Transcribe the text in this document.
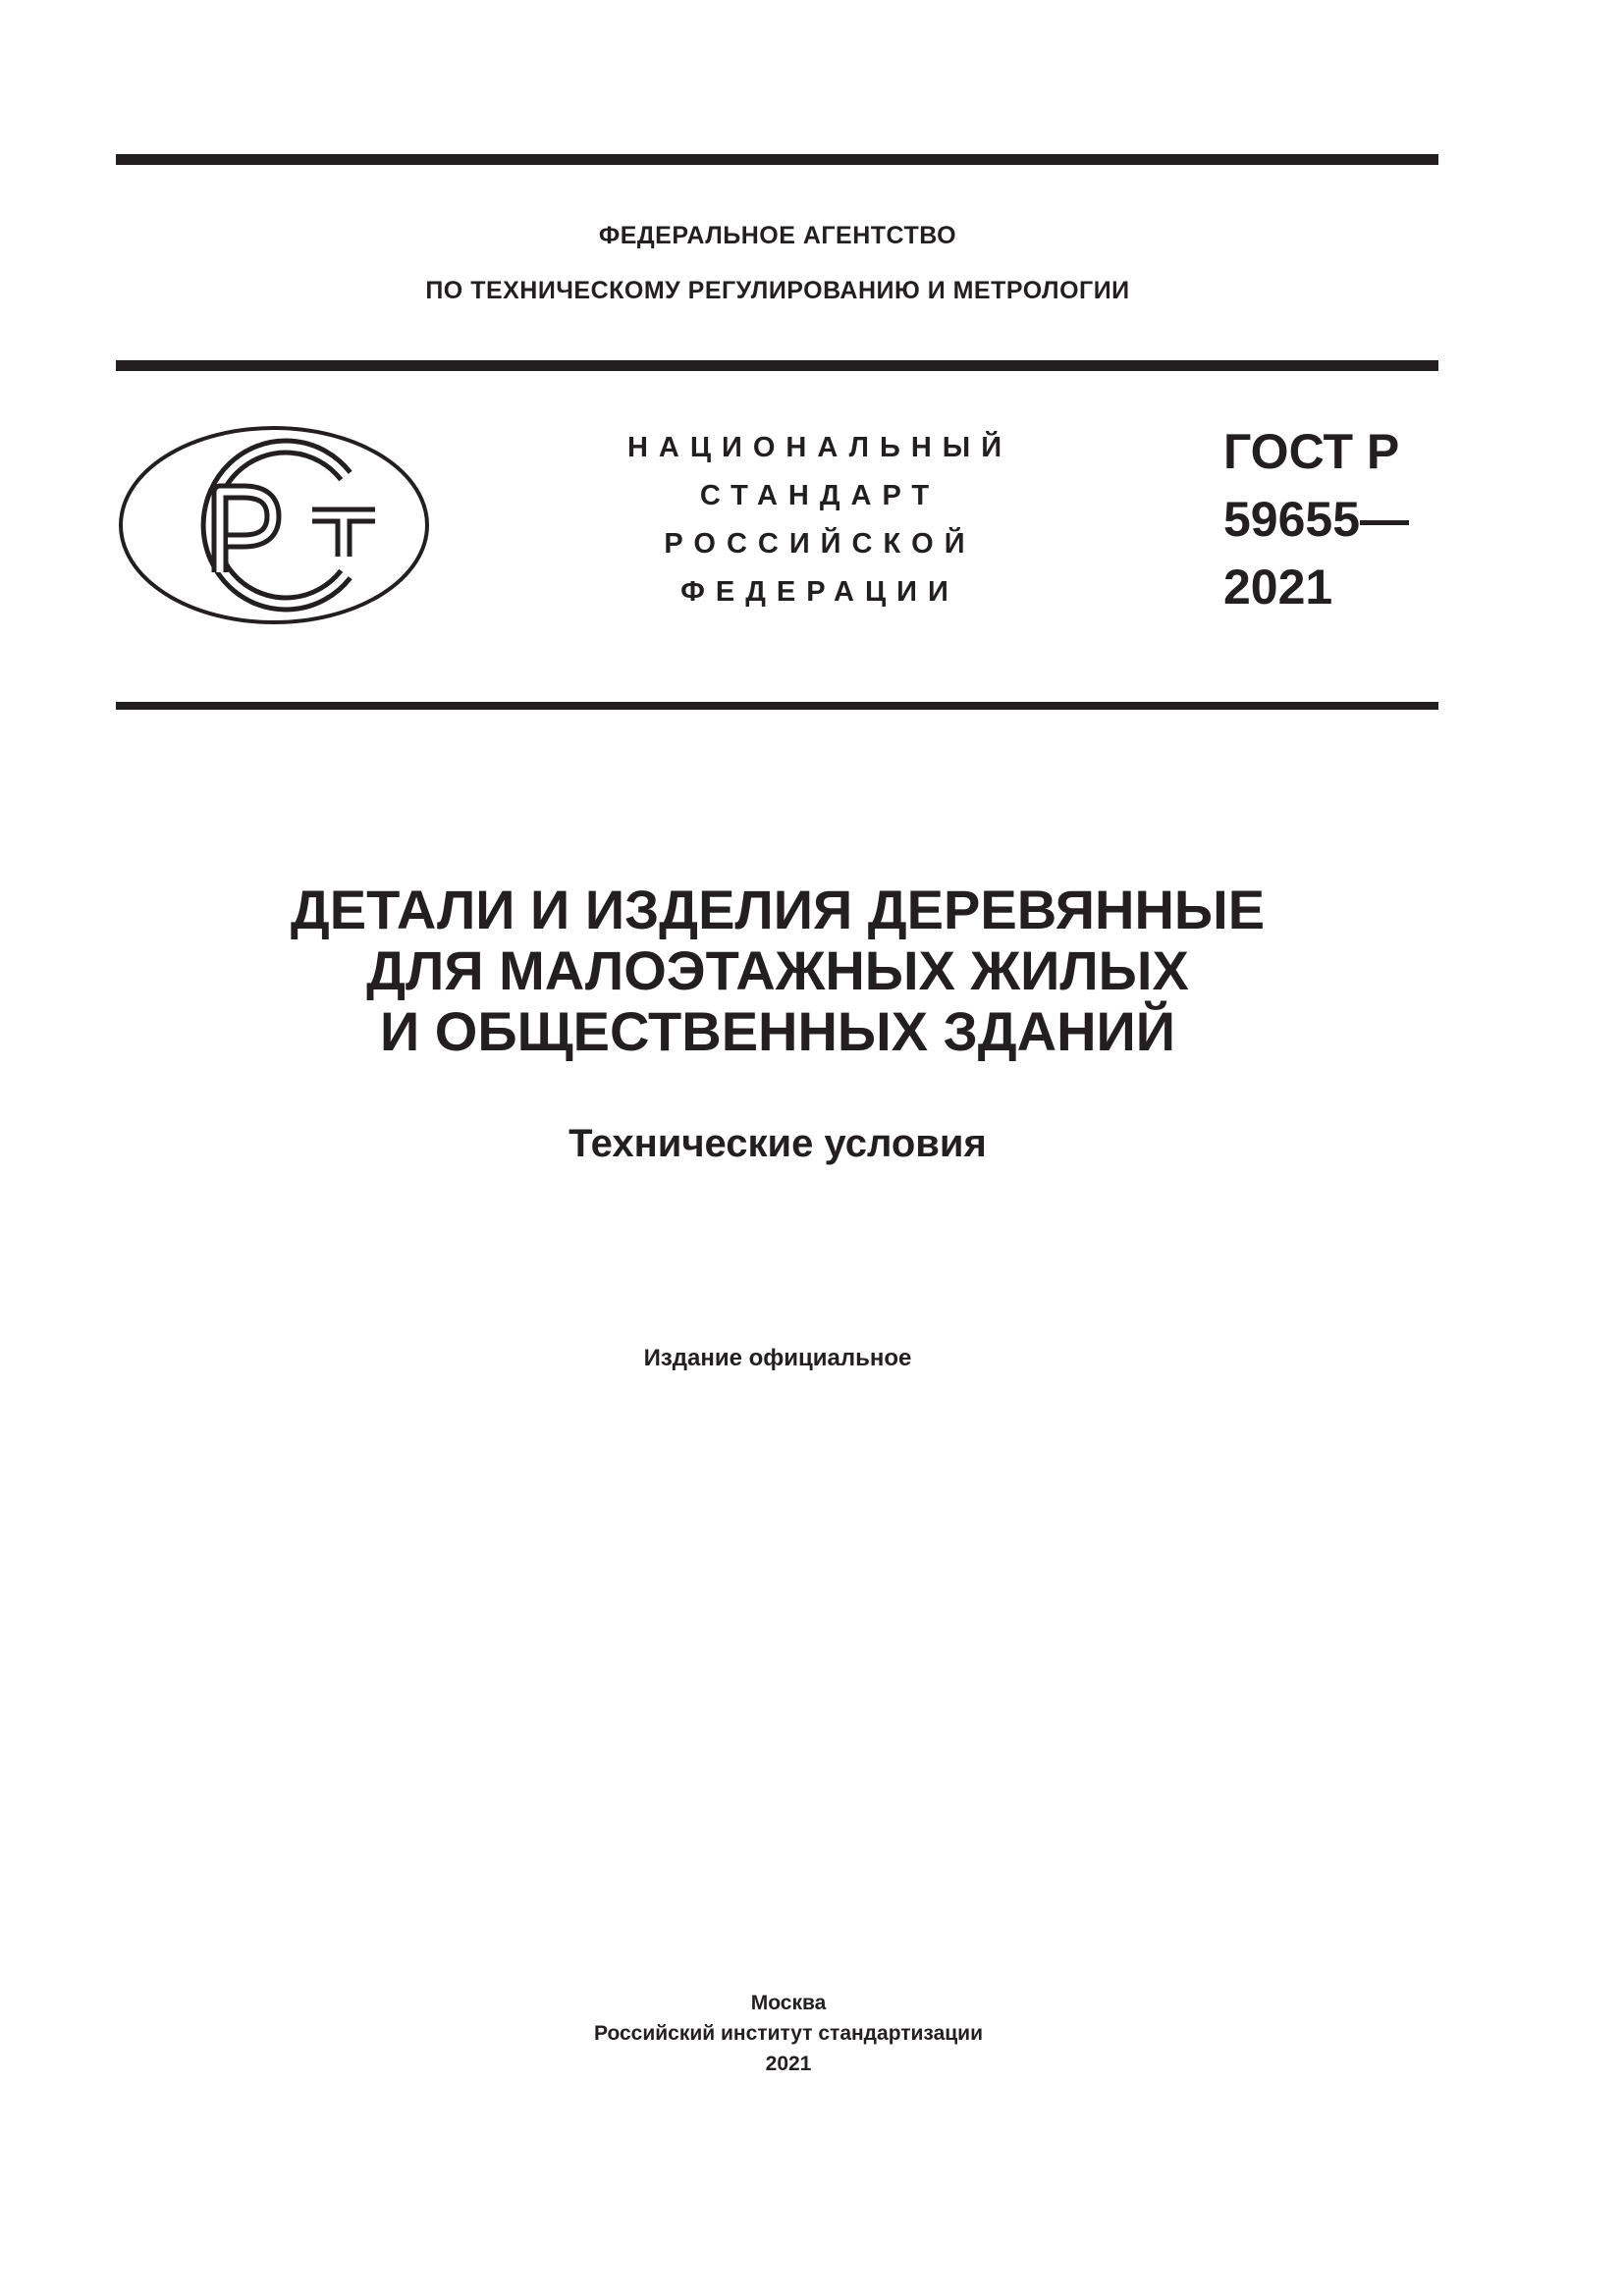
ФЕДЕРАЛЬНОЕ АГЕНТСТВО
ПО ТЕХНИЧЕСКОМУ РЕГУЛИРОВАНИЮ И МЕТРОЛОГИИ
НАЦИОНАЛЬНЫЙ
СТАНДАРТ
РОССИЙСКОЙ
ФЕДЕРАЦИИ
ГОСТ Р
59655—
2021
ДЕТАЛИ И ИЗДЕЛИЯ ДЕРЕВЯННЫЕ
ДЛЯ МАЛОЭТАЖНЫХ ЖИЛЫХ
И ОБЩЕСТВЕННЫХ ЗДАНИЙ
Технические условия
Издание официальное
Москва
Российский институт стандартизации
2021
